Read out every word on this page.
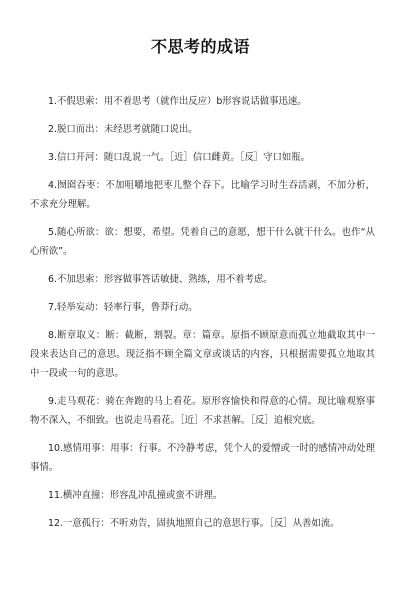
不思考的成语

1.不假思索：用不着思考（就作出反应）b形容说话做事迅速。

2.脱口而出：未经思考就随口说出。

3.信口开河：随口乱说一气。［近］信口雌黄。［反］守口如瓶。

4.囫囵吞枣：不加咀嚼地把枣儿整个吞下。比喻学习时生吞活剥，不加分析，不求充分理解。

5.随心所欲：欲：想要，希望。凭着自己的意愿，想干什么就干什么。也作“从心所欲”。

6.不加思索：形容做事答话敏捷、熟练，用不着考虑。

7.轻举妄动：轻率行事，鲁莽行动。

8.断章取义：断：截断，割裂。章：篇章。原指不顾原意而孤立地截取其中一段来表达自己的意思。现泛指不顾全篇文章或谈话的内容，只根据需要孤立地取其中一段或一句的意思。

9.走马观花：骑在奔跑的马上看花。原形容愉快和得意的心情。现比喻观察事物不深入，不细致。也说走马看花。［近］不求甚解。［反］追根究底。

10.感情用事：用事：行事。不冷静考虑，凭个人的爱憎或一时的感情冲动处理事情。

11.横冲直撞：形容乱冲乱撞或蛮不讲理。

12.一意孤行：不听劝告，固执地照自己的意思行事。［反］从善如流。
